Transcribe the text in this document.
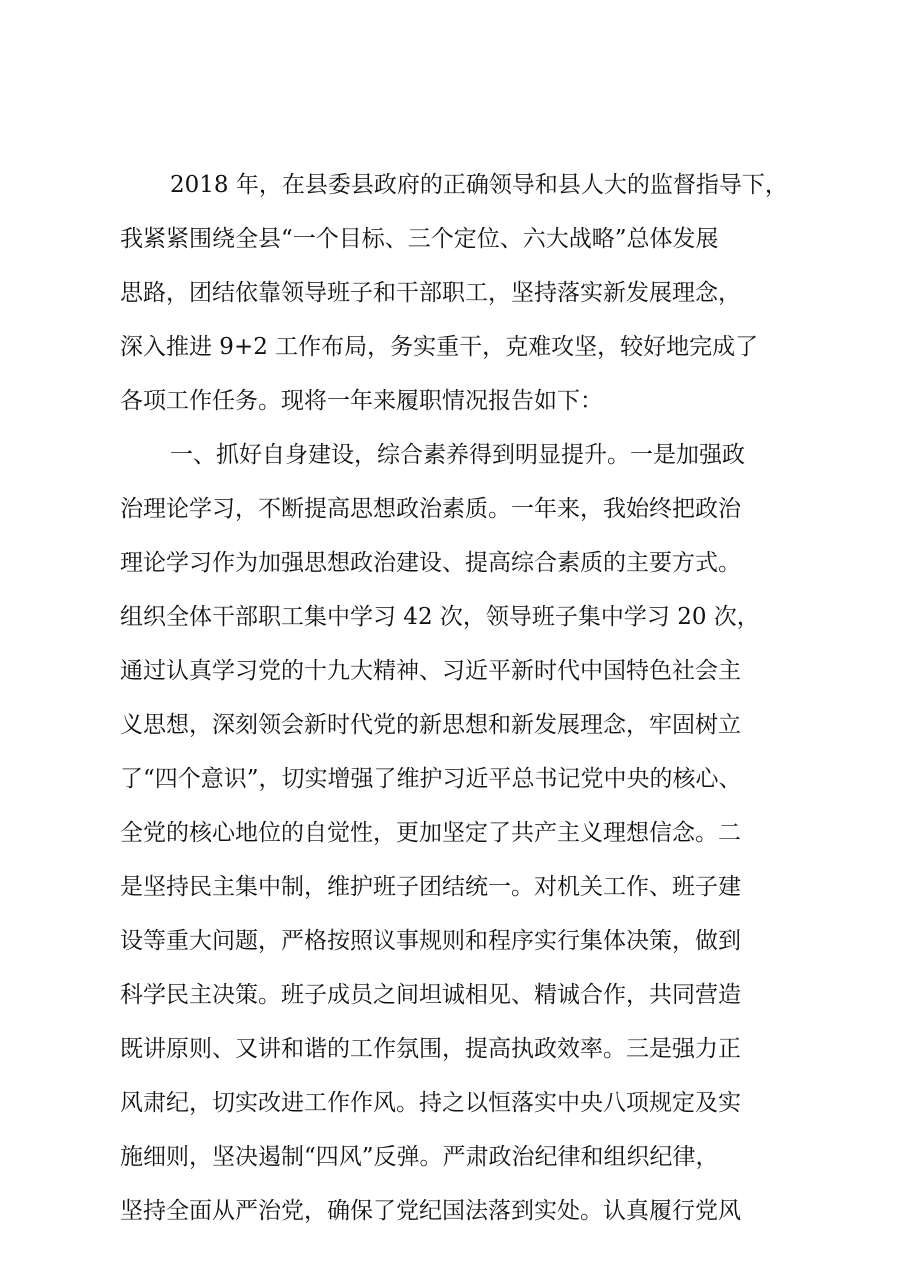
2018 年，在县委县政府的正确领导和县人大的监督指导下，
我紧紧围绕全县“一个目标、三个定位、六大战略”总体发展
思路，团结依靠领导班子和干部职工，坚持落实新发展理念，
深入推进 9+2 工作布局，务实重干，克难攻坚，较好地完成了
各项工作任务。现将一年来履职情况报告如下：
一、抓好自身建设，综合素养得到明显提升。一是加强政
治理论学习，不断提高思想政治素质。一年来，我始终把政治
理论学习作为加强思想政治建设、提高综合素质的主要方式。
组织全体干部职工集中学习 42 次，领导班子集中学习 20 次，
通过认真学习党的十九大精神、习近平新时代中国特色社会主
义思想，深刻领会新时代党的新思想和新发展理念，牢固树立
了“四个意识”，切实增强了维护习近平总书记党中央的核心、
全党的核心地位的自觉性，更加坚定了共产主义理想信念。二
是坚持民主集中制，维护班子团结统一。对机关工作、班子建
设等重大问题，严格按照议事规则和程序实行集体决策，做到
科学民主决策。班子成员之间坦诚相见、精诚合作，共同营造
既讲原则、又讲和谐的工作氛围，提高执政效率。三是强力正
风肃纪，切实改进工作作风。持之以恒落实中央八项规定及实
施细则，坚决遏制“四风”反弹。严肃政治纪律和组织纪律，
坚持全面从严治党，确保了党纪国法落到实处。认真履行党风
